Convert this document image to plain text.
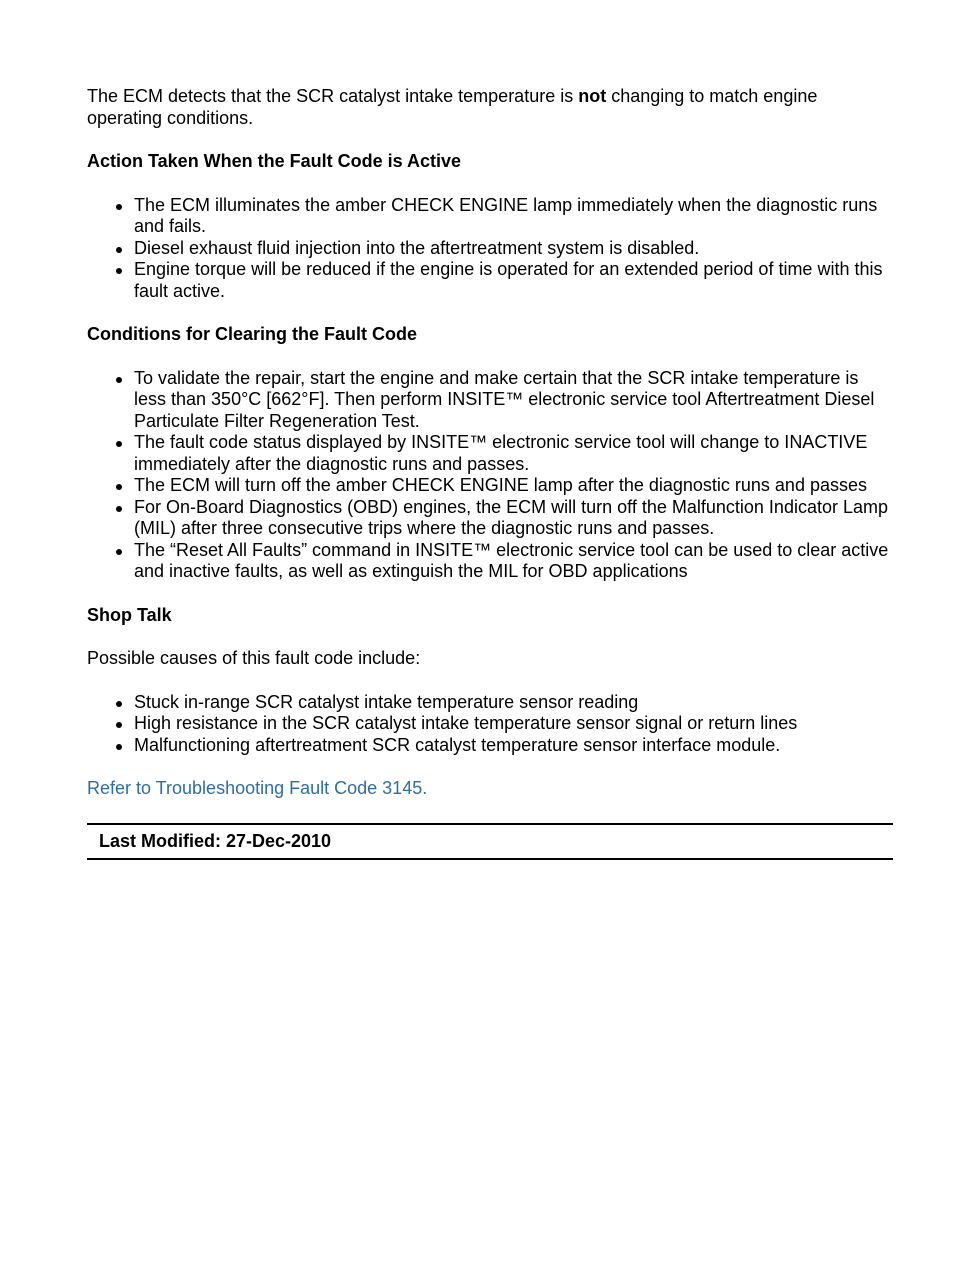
The ECM detects that the SCR catalyst intake temperature is not changing to match engine operating conditions.

Action Taken When the Fault Code is Active
The ECM illuminates the amber CHECK ENGINE lamp immediately when the diagnostic runs and fails.
Diesel exhaust fluid injection into the aftertreatment system is disabled.
Engine torque will be reduced if the engine is operated for an extended period of time with this fault active.
Conditions for Clearing the Fault Code
To validate the repair, start the engine and make certain that the SCR intake temperature is less than 350°C [662°F]. Then perform INSITE™ electronic service tool Aftertreatment Diesel Particulate Filter Regeneration Test.
The fault code status displayed by INSITE™ electronic service tool will change to INACTIVE immediately after the diagnostic runs and passes.
The ECM will turn off the amber CHECK ENGINE lamp after the diagnostic runs and passes
For On-Board Diagnostics (OBD) engines, the ECM will turn off the Malfunction Indicator Lamp (MIL) after three consecutive trips where the diagnostic runs and passes.
The “Reset All Faults” command in INSITE™ electronic service tool can be used to clear active and inactive faults, as well as extinguish the MIL for OBD applications
Shop Talk

Possible causes of this fault code include:

Stuck in-range SCR catalyst intake temperature sensor reading
High resistance in the SCR catalyst intake temperature sensor signal or return lines
Malfunctioning aftertreatment SCR catalyst temperature sensor interface module.
Refer to Troubleshooting Fault Code 3145.
Last Modified: 27-Dec-2010
